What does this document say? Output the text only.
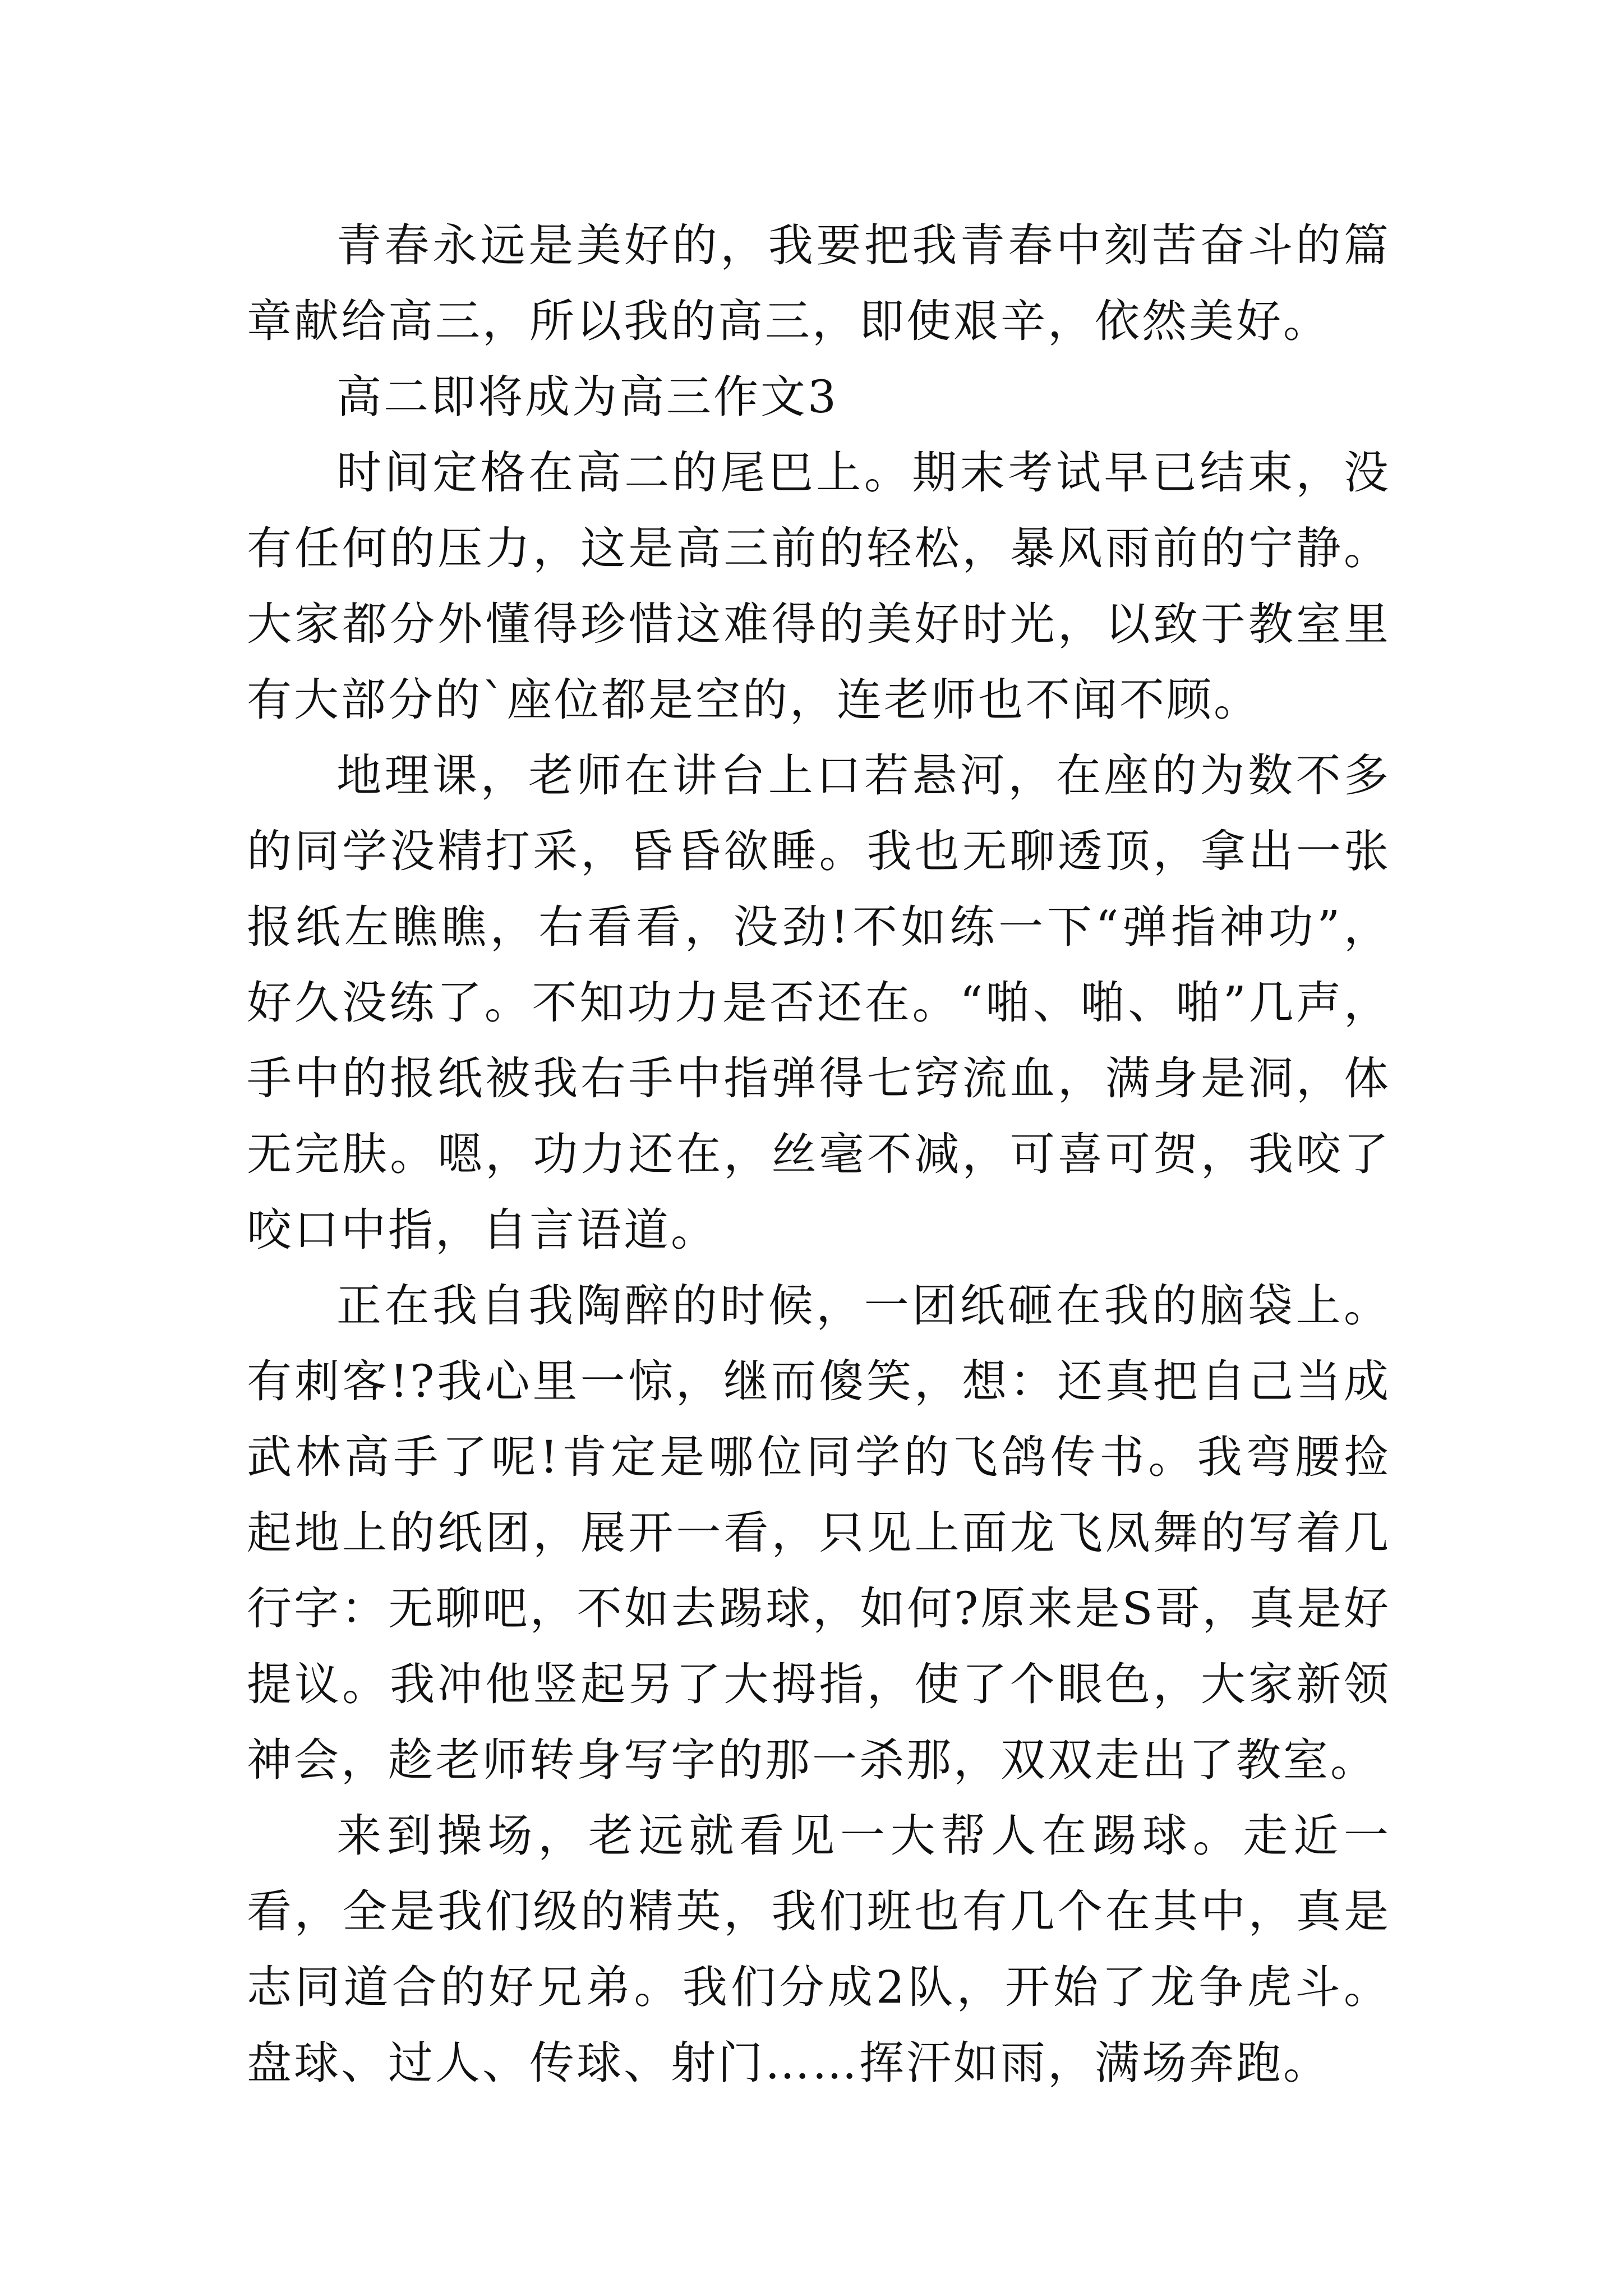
青春永远是美好的，我要把我青春中刻苦奋斗的篇章献给高三，所以我的高三，即使艰辛，依然美好。

高二即将成为高三作文3

时间定格在高二的尾巴上。期末考试早已结束，没有任何的压力，这是高三前的轻松，暴风雨前的宁静。大家都分外懂得珍惜这难得的美好时光，以致于教室里有大部分的`座位都是空的，连老师也不闻不顾。

地理课，老师在讲台上口若悬河，在座的为数不多的同学没精打采，昏昏欲睡。我也无聊透顶，拿出一张报纸左瞧瞧，右看看，没劲!不如练一下“弹指神功”，好久没练了。不知功力是否还在。“啪、啪、啪”几声，手中的报纸被我右手中指弹得七窍流血，满身是洞，体无完肤。嗯，功力还在，丝毫不减，可喜可贺，我咬了咬口中指，自言语道。

正在我自我陶醉的时候，一团纸砸在我的脑袋上。有刺客!?我心里一惊，继而傻笑，想：还真把自己当成武林高手了呢!肯定是哪位同学的飞鸽传书。我弯腰捡起地上的纸团，展开一看，只见上面龙飞凤舞的写着几行字：无聊吧，不如去踢球，如何?原来是S哥，真是好提议。我冲他竖起另了大拇指，使了个眼色，大家新领神会，趁老师转身写字的那一杀那，双双走出了教室。

来到操场，老远就看见一大帮人在踢球。走近一看，全是我们级的精英，我们班也有几个在其中，真是志同道合的好兄弟。我们分成2队，开始了龙争虎斗。盘球、过人、传球、射门……挥汗如雨，满场奔跑。
